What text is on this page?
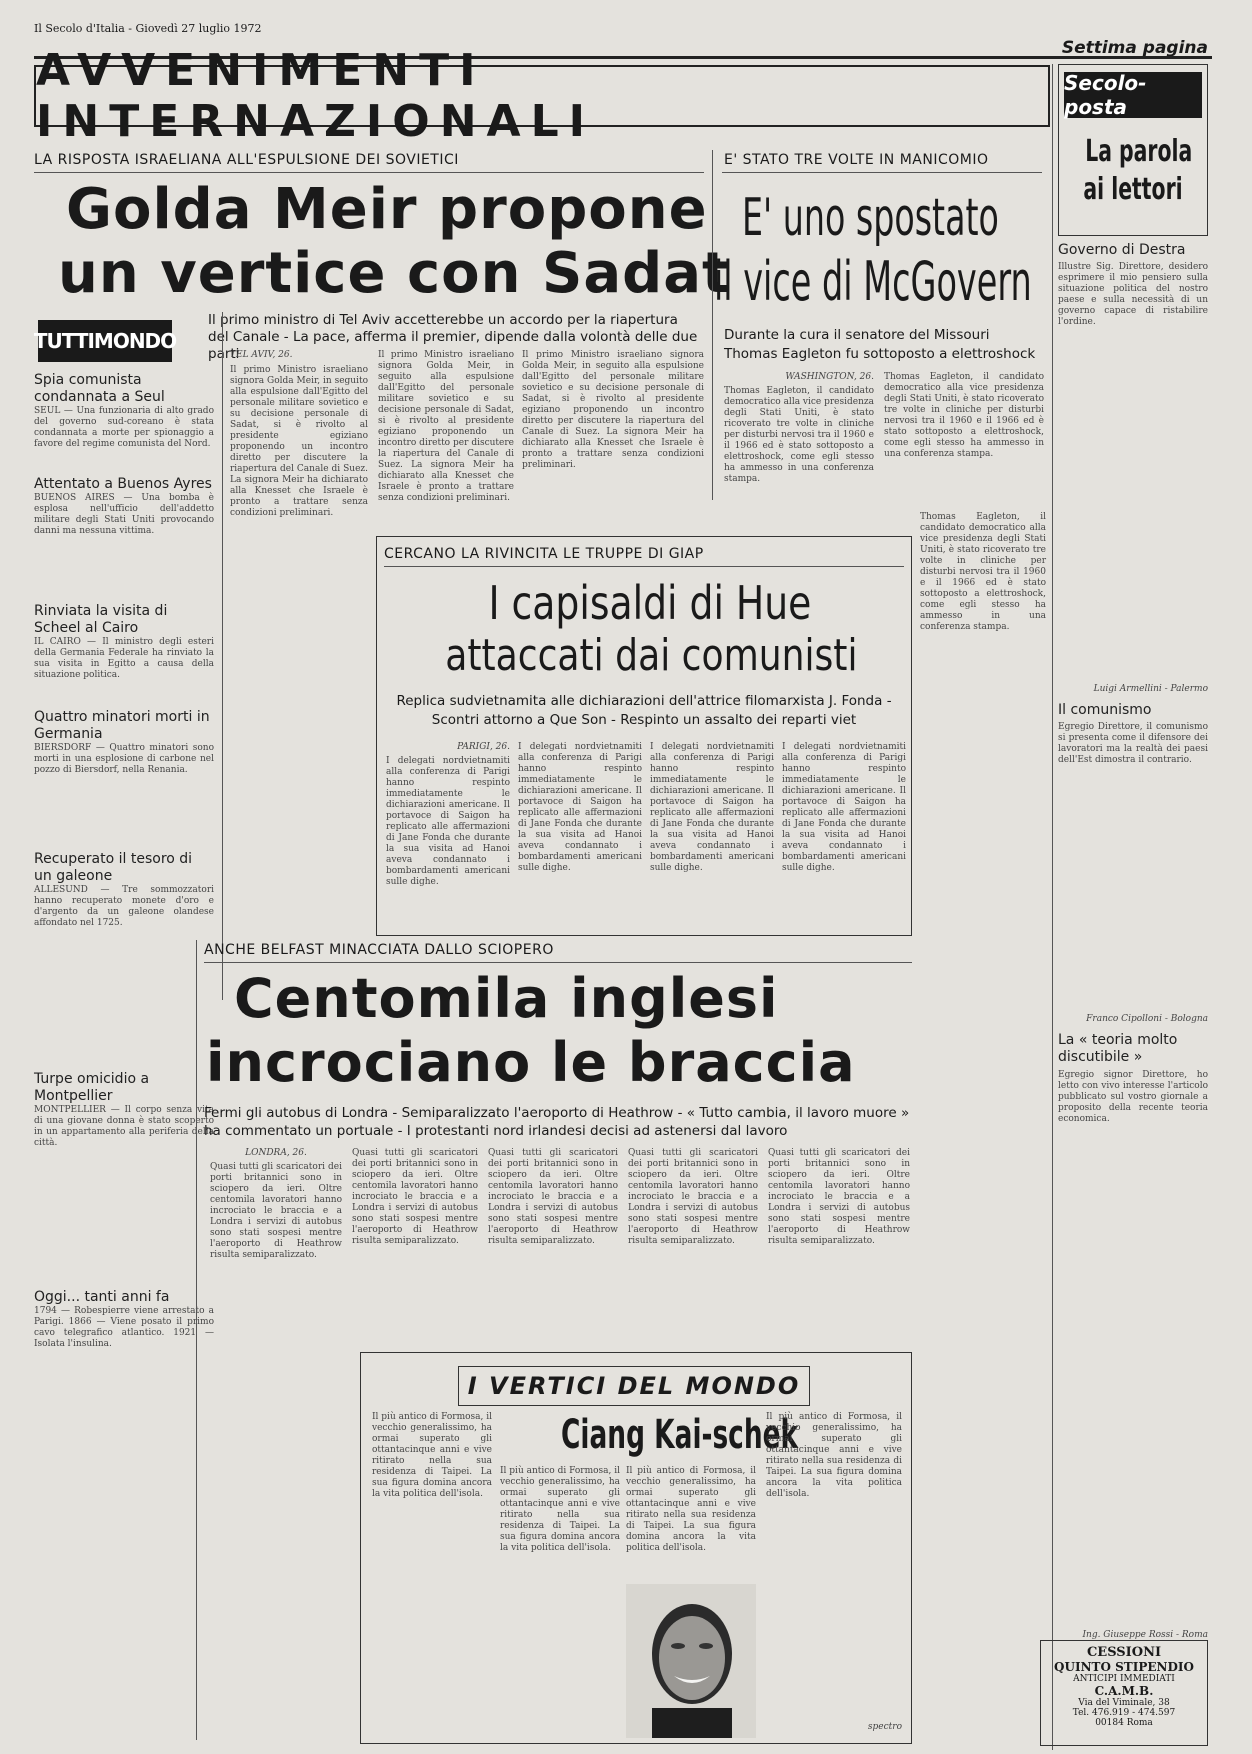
Il Secolo d'Italia - Giovedì 27 luglio 1972
Settima pagina
AVVENIMENTI INTERNAZIONALI
LA RISPOSTA ISRAELIANA ALL'ESPULSIONE DEI SOVIETICI
Golda Meir propone
un vertice con Sadat
Il primo ministro di Tel Aviv accetterebbe un accordo per la riapertura del Canale - La pace, afferma il premier, dipende dalla volontà delle due parti
TEL AVIV, 26.
Il primo Ministro israeliano signora Golda Meir, in seguito alla espulsione dall'Egitto del personale militare sovietico e su decisione personale di Sadat, si è rivolto al presidente egiziano proponendo un incontro diretto per discutere la riapertura del Canale di Suez. La signora Meir ha dichiarato alla Knesset che Israele è pronto a trattare senza condizioni preliminari.
Il primo Ministro israeliano signora Golda Meir, in seguito alla espulsione dall'Egitto del personale militare sovietico e su decisione personale di Sadat, si è rivolto al presidente egiziano proponendo un incontro diretto per discutere la riapertura del Canale di Suez. La signora Meir ha dichiarato alla Knesset che Israele è pronto a trattare senza condizioni preliminari.
Il primo Ministro israeliano signora Golda Meir, in seguito alla espulsione dall'Egitto del personale militare sovietico e su decisione personale di Sadat, si è rivolto al presidente egiziano proponendo un incontro diretto per discutere la riapertura del Canale di Suez. La signora Meir ha dichiarato alla Knesset che Israele è pronto a trattare senza condizioni preliminari.
TUTTIMONDO
Spia comunista condannata a Seul
SEUL — Una funzionaria di alto grado del governo sud-coreano è stata condannata a morte per spionaggio a favore del regime comunista del Nord.
Attentato a Buenos Ayres
BUENOS AIRES — Una bomba è esplosa nell'ufficio dell'addetto militare degli Stati Uniti provocando danni ma nessuna vittima.
Rinviata la visita di Scheel al Cairo
IL CAIRO — Il ministro degli esteri della Germania Federale ha rinviato la sua visita in Egitto a causa della situazione politica.
Quattro minatori morti in Germania
BIERSDORF — Quattro minatori sono morti in una esplosione di carbone nel pozzo di Biersdorf, nella Renania.
Recuperato il tesoro di un galeone
ALLESUND — Tre sommozzatori hanno recuperato monete d'oro e d'argento da un galeone olandese affondato nel 1725.
Turpe omicidio a Montpellier
MONTPELLIER — Il corpo senza vita di una giovane donna è stato scoperto in un appartamento alla periferia della città.
Oggi... tanti anni fa
1794 — Robespierre viene arrestato a Parigi. 1866 — Viene posato il primo cavo telegrafico atlantico. 1921 — Isolata l'insulina.
E' STATO TRE VOLTE IN MANICOMIO
E' uno spostato
il vice di McGovern
Durante la cura il senatore del Missouri Thomas Eagleton fu sottoposto a elettroshock
WASHINGTON, 26.
Thomas Eagleton, il candidato democratico alla vice presidenza degli Stati Uniti, è stato ricoverato tre volte in cliniche per disturbi nervosi tra il 1960 e il 1966 ed è stato sottoposto a elettroshock, come egli stesso ha ammesso in una conferenza stampa.
Thomas Eagleton, il candidato democratico alla vice presidenza degli Stati Uniti, è stato ricoverato tre volte in cliniche per disturbi nervosi tra il 1960 e il 1966 ed è stato sottoposto a elettroshock, come egli stesso ha ammesso in una conferenza stampa.
Thomas Eagleton, il candidato democratico alla vice presidenza degli Stati Uniti, è stato ricoverato tre volte in cliniche per disturbi nervosi tra il 1960 e il 1966 ed è stato sottoposto a elettroshock, come egli stesso ha ammesso in una conferenza stampa.
CERCANO LA RIVINCITA LE TRUPPE DI GIAP
I capisaldi di Hue
attaccati dai comunisti
Replica sudvietnamita alle dichiarazioni dell'attrice filomarxista J. Fonda - Scontri attorno a Que Son - Respinto un assalto dei reparti viet
PARIGI, 26.
I delegati nordvietnamiti alla conferenza di Parigi hanno respinto immediatamente le dichiarazioni americane. Il portavoce di Saigon ha replicato alle affermazioni di Jane Fonda che durante la sua visita ad Hanoi aveva condannato i bombardamenti americani sulle dighe.
I delegati nordvietnamiti alla conferenza di Parigi hanno respinto immediatamente le dichiarazioni americane. Il portavoce di Saigon ha replicato alle affermazioni di Jane Fonda che durante la sua visita ad Hanoi aveva condannato i bombardamenti americani sulle dighe.
I delegati nordvietnamiti alla conferenza di Parigi hanno respinto immediatamente le dichiarazioni americane. Il portavoce di Saigon ha replicato alle affermazioni di Jane Fonda che durante la sua visita ad Hanoi aveva condannato i bombardamenti americani sulle dighe.
I delegati nordvietnamiti alla conferenza di Parigi hanno respinto immediatamente le dichiarazioni americane. Il portavoce di Saigon ha replicato alle affermazioni di Jane Fonda che durante la sua visita ad Hanoi aveva condannato i bombardamenti americani sulle dighe.
ANCHE BELFAST MINACCIATA DALLO SCIOPERO
Centomila inglesi
incrociano le braccia
Fermi gli autobus di Londra - Semiparalizzato l'aeroporto di Heathrow - « Tutto cambia, il lavoro muore » ha commentato un portuale - I protestanti nord irlandesi decisi ad astenersi dal lavoro
LONDRA, 26.
Quasi tutti gli scaricatori dei porti britannici sono in sciopero da ieri. Oltre centomila lavoratori hanno incrociato le braccia e a Londra i servizi di autobus sono stati sospesi mentre l'aeroporto di Heathrow risulta semiparalizzato.
Quasi tutti gli scaricatori dei porti britannici sono in sciopero da ieri. Oltre centomila lavoratori hanno incrociato le braccia e a Londra i servizi di autobus sono stati sospesi mentre l'aeroporto di Heathrow risulta semiparalizzato.
Quasi tutti gli scaricatori dei porti britannici sono in sciopero da ieri. Oltre centomila lavoratori hanno incrociato le braccia e a Londra i servizi di autobus sono stati sospesi mentre l'aeroporto di Heathrow risulta semiparalizzato.
Quasi tutti gli scaricatori dei porti britannici sono in sciopero da ieri. Oltre centomila lavoratori hanno incrociato le braccia e a Londra i servizi di autobus sono stati sospesi mentre l'aeroporto di Heathrow risulta semiparalizzato.
Quasi tutti gli scaricatori dei porti britannici sono in sciopero da ieri. Oltre centomila lavoratori hanno incrociato le braccia e a Londra i servizi di autobus sono stati sospesi mentre l'aeroporto di Heathrow risulta semiparalizzato.
I VERTICI DEL MONDO
Ciang Kai-schek
Il più antico di Formosa, il vecchio generalissimo, ha ormai superato gli ottantacinque anni e vive ritirato nella sua residenza di Taipei. La sua figura domina ancora la vita politica dell'isola.
Il più antico di Formosa, il vecchio generalissimo, ha ormai superato gli ottantacinque anni e vive ritirato nella sua residenza di Taipei. La sua figura domina ancora la vita politica dell'isola.
Il più antico di Formosa, il vecchio generalissimo, ha ormai superato gli ottantacinque anni e vive ritirato nella sua residenza di Taipei. La sua figura domina ancora la vita politica dell'isola.
Il più antico di Formosa, il vecchio generalissimo, ha ormai superato gli ottantacinque anni e vive ritirato nella sua residenza di Taipei. La sua figura domina ancora la vita politica dell'isola.
spectro
Secolo-posta
La parola
ai lettori
Governo di Destra
Illustre Sig. Direttore, desidero esprimere il mio pensiero sulla situazione politica del nostro paese e sulla necessità di un governo capace di ristabilire l'ordine.
Luigi Armellini - Palermo
Il comunismo
Egregio Direttore, il comunismo si presenta come il difensore dei lavoratori ma la realtà dei paesi dell'Est dimostra il contrario.
Franco Cipolloni - Bologna
La « teoria molto discutibile »
Egregio signor Direttore, ho letto con vivo interesse l'articolo pubblicato sul vostro giornale a proposito della recente teoria economica.
Ing. Giuseppe Rossi - Roma
CESSIONI
QUINTO STIPENDIO
ANTICIPI IMMEDIATI
C.A.M.B.
Via del Viminale, 38
Tel. 476.919 - 474.597
00184 Roma
